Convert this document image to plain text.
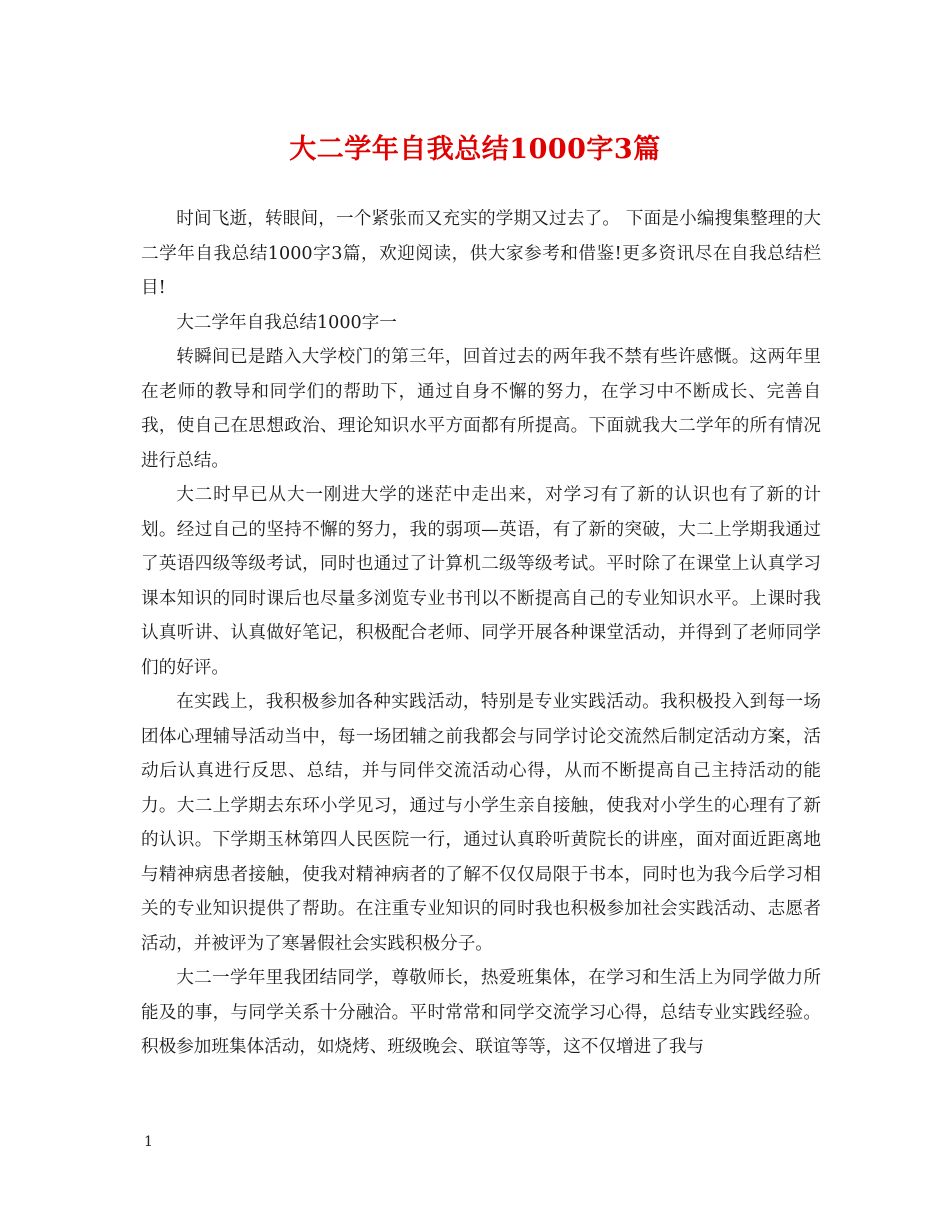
大二学年自我总结1000字3篇

时间飞逝，转眼间，一个紧张而又充实的学期又过去了。 下面是小编搜集整理的大二学年自我总结1000字3篇，欢迎阅读，供大家参考和借鉴!更多资讯尽在自我总结栏目!

大二学年自我总结1000字一

转瞬间已是踏入大学校门的第三年，回首过去的两年我不禁有些许感慨。这两年里在老师的教导和同学们的帮助下，通过自身不懈的努力，在学习中不断成长、完善自我，使自己在思想政治、理论知识水平方面都有所提高。下面就我大二学年的所有情况进行总结。

大二时早已从大一刚进大学的迷茫中走出来，对学习有了新的认识也有了新的计划。经过自己的坚持不懈的努力，我的弱项—英语，有了新的突破，大二上学期我通过了英语四级等级考试，同时也通过了计算机二级等级考试。平时除了在课堂上认真学习课本知识的同时课后也尽量多浏览专业书刊以不断提高自己的专业知识水平。上课时我认真听讲、认真做好笔记，积极配合老师、同学开展各种课堂活动，并得到了老师同学们的好评。

在实践上，我积极参加各种实践活动，特别是专业实践活动。我积极投入到每一场团体心理辅导活动当中，每一场团辅之前我都会与同学讨论交流然后制定活动方案，活动后认真进行反思、总结，并与同伴交流活动心得，从而不断提高自己主持活动的能力。大二上学期去东环小学见习，通过与小学生亲自接触，使我对小学生的心理有了新的认识。下学期玉林第四人民医院一行，通过认真聆听黄院长的讲座，面对面近距离地与精神病患者接触，使我对精神病者的了解不仅仅局限于书本，同时也为我今后学习相关的专业知识提供了帮助。在注重专业知识的同时我也积极参加社会实践活动、志愿者活动，并被评为了寒暑假社会实践积极分子。

大二一学年里我团结同学，尊敬师长，热爱班集体，在学习和生活上为同学做力所能及的事，与同学关系十分融洽。平时常常和同学交流学习心得，总结专业实践经验。积极参加班集体活动，如烧烤、班级晚会、联谊等等，这不仅增进了我与

1
